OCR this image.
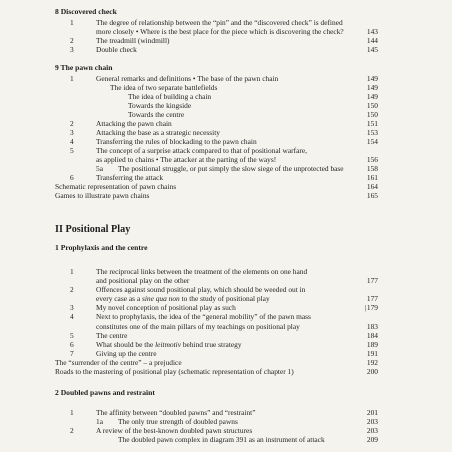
8 Discovered check
1	The degree of relationship between the “pin” and the “discovered check” is defined
more closely • Where is the best place for the piece which is discovering the check?	143
2	The treadmill (windmill)	144
3	Double check	145
9 The pawn chain
1	General remarks and definitions • The base of the pawn chain	149
The idea of two separate battlefields	149
The idea of building a chain	149
Towards the kingside	150
Towards the centre	150
2	Attacking the pawn chain	151
3	Attacking the base as a strategic necessity	153
4	Transferring the rules of blockading to the pawn chain	154
5	The concept of a surprise attack compared to that of positional warfare,
as applied to chains • The attacker at the parting of the ways!	156
5a The positional struggle, or put simply the slow siege of the unprotected base	158
6	Transferring the attack	161
Schematic representation of pawn chains	164
Games to illustrate pawn chains	165
II Positional Play
1 Prophylaxis and the centre
1	The reciprocal links between the treatment of the elements on one hand
and positional play on the other	177
2	Offences against sound positional play, which should be weeded out in
every case as a sine qua non to the study of positional play	177
3	My novel conception of positional play as such	| 179
4	Next to prophylaxis, the idea of the “general mobility” of the pawn mass
constitutes one of the main pillars of my teachings on positional play	183
5	The centre	184
6	What should be the leitmotiv behind true strategy	189
7	Giving up the centre	191
The “surrender of the centre” – a prejudice	192
Roads to the mastering of positional play (schematic representation of chapter 1)	200
2 Doubled pawns and restraint
1	The affinity between “doubled pawns” and “restraint”	201
1a The only true strength of doubled pawns	203
2	A review of the best-known doubled pawn structures	203
The doubled pawn complex in diagram 391 as an instrument of attack	209
